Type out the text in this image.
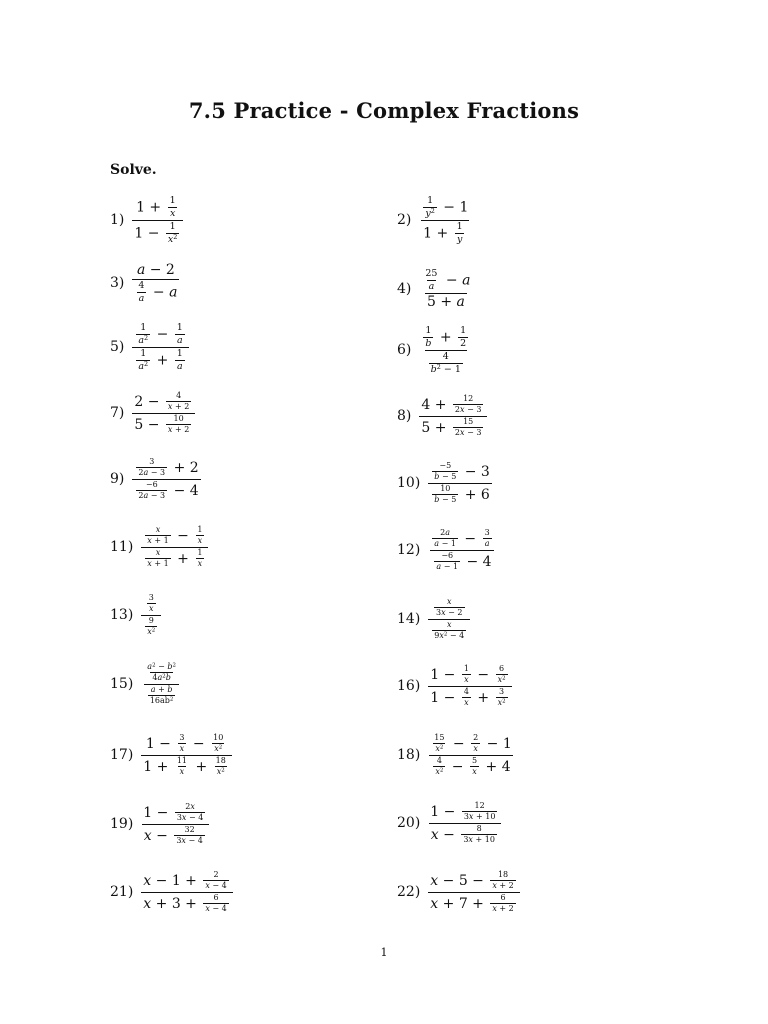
7.5 Practice - Complex Fractions
Solve.
$1) \frac{1 + \frac{1}{x}}{1 - \frac{1}{x^2}}$	$2) \frac{\frac{1}{y^2} - 1}{1 + \frac{1}{y}}$
$3) \frac{a - 2}{\frac{4}{a} - a}$	$4) \frac{\frac{25}{a} - a}{5 + a}$
$5) \frac{\frac{1}{a^2} - \frac{1}{a}}{\frac{1}{a^2} + \frac{1}{a}}$	$6) \frac{\frac{1}{b} + \frac{1}{2}}{\frac{4}{b^2 - 1}}$
$7) \frac{2 - \frac{4}{x + 2}}{5 - \frac{10}{x + 2}}$	$8) \frac{4 + \frac{12}{2x - 3}}{5 + \frac{15}{2x - 3}}$
$9) \frac{\frac{3}{2a - 3} + 2}{\frac{-6}{2a - 3} - 4}$	$10) \frac{\frac{-5}{b - 5} - 3}{\frac{10}{b - 5} + 6}$
$11) \frac{\frac{x}{x + 1} - \frac{1}{x}}{\frac{x}{x + 1} + \frac{1}{x}}$	$12) \frac{\frac{2a}{a - 1} - \frac{3}{a}}{\frac{-6}{a - 1} - 4}$
$13) \frac{\frac{3}{x}}{\frac{9}{x^2}}$	$14) \frac{\frac{x}{3x - 2}}{\frac{x}{9x^2 - 4}}$
$15) \frac{\frac{a^2 - b^2}{4a^2b}}{\frac{a + b}{16ab^2}}$	$16) \frac{1 - \frac{1}{x} - \frac{6}{x^2}}{1 - \frac{4}{x} + \frac{3}{x^2}}$
$17) \frac{1 - \frac{3}{x} - \frac{10}{x^2}}{1 + \frac{11}{x} + \frac{18}{x^2}}$	$18) \frac{\frac{15}{x^2} - \frac{2}{x} - 1}{\frac{4}{x^2} - \frac{5}{x} + 4}$
$19) \frac{1 - \frac{2x}{3x - 4}}{x - \frac{32}{3x - 4}}$	$20) \frac{1 - \frac{12}{3x + 10}}{x - \frac{8}{3x + 10}}$
$21) \frac{x - 1 + \frac{2}{x - 4}}{x + 3 + \frac{6}{x - 4}}$	$22) \frac{x - 5 - \frac{18}{x + 2}}{x + 7 + \frac{6}{x + 2}}$
1
